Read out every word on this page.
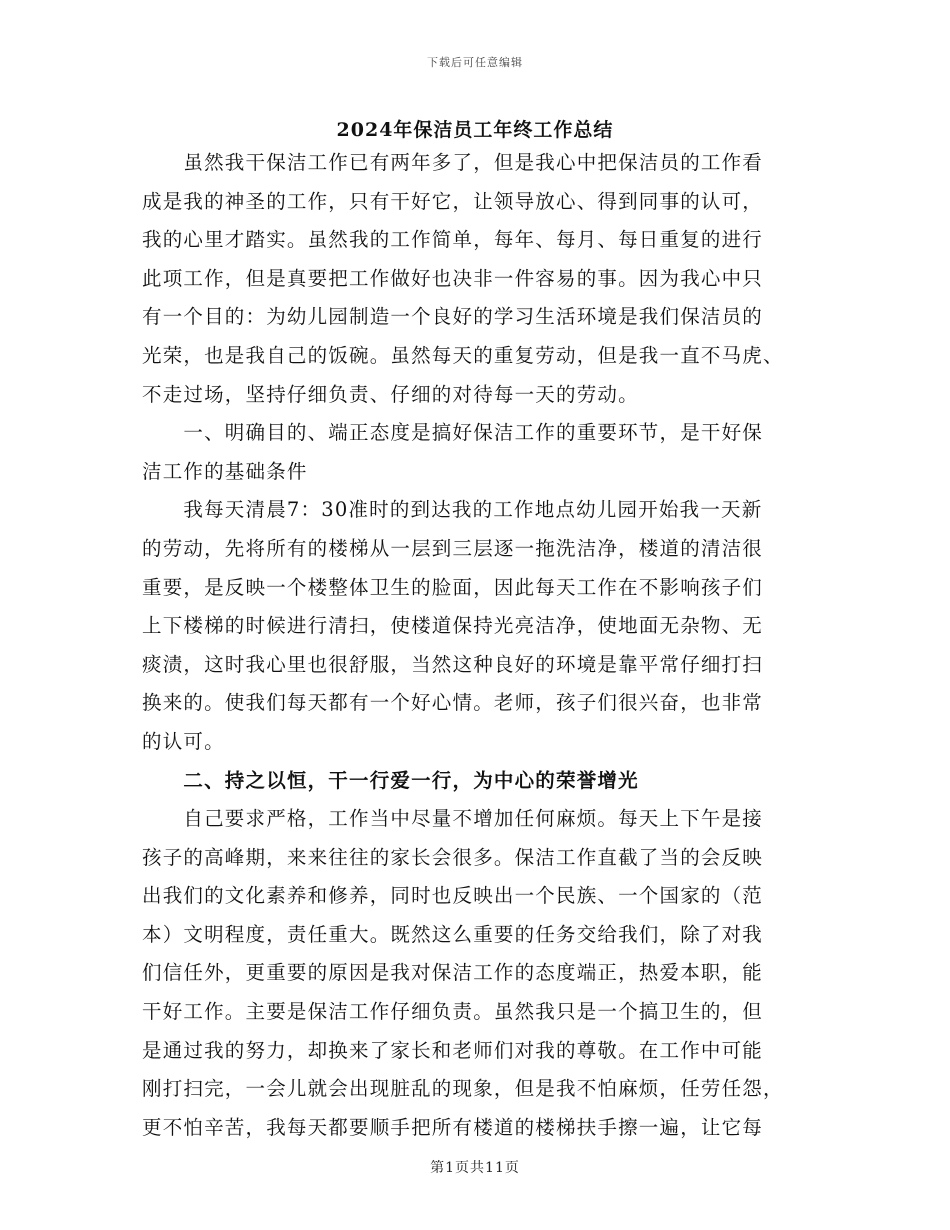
下载后可任意编辑
2024年保洁员工年终工作总结
　　虽然我干保洁工作已有两年多了，但是我心中把保洁员的工作看
成是我的神圣的工作，只有干好它，让领导放心、得到同事的认可，
我的心里才踏实。虽然我的工作简单，每年、每月、每日重复的进行
此项工作，但是真要把工作做好也决非一件容易的事。因为我心中只
有一个目的：为幼儿园制造一个良好的学习生活环境是我们保洁员的
光荣，也是我自己的饭碗。虽然每天的重复劳动，但是我一直不马虎、
不走过场，坚持仔细负责、仔细的对待每一天的劳动。
　　一、明确目的、端正态度是搞好保洁工作的重要环节，是干好保
洁工作的基础条件
　　我每天清晨7：30准时的到达我的工作地点幼儿园开始我一天新
的劳动，先将所有的楼梯从一层到三层逐一拖洗洁净，楼道的清洁很
重要，是反映一个楼整体卫生的脸面，因此每天工作在不影响孩子们
上下楼梯的时候进行清扫，使楼道保持光亮洁净，使地面无杂物、无
痰渍，这时我心里也很舒服，当然这种良好的环境是靠平常仔细打扫
换来的。使我们每天都有一个好心情。老师，孩子们很兴奋，也非常
的认可。
　　二、持之以恒，干一行爱一行，为中心的荣誉增光
　　自己要求严格，工作当中尽量不增加任何麻烦。每天上下午是接
孩子的高峰期，来来往往的家长会很多。保洁工作直截了当的会反映
出我们的文化素养和修养，同时也反映出一个民族、一个国家的（范
本）文明程度，责任重大。既然这么重要的任务交给我们，除了对我
们信任外，更重要的原因是我对保洁工作的态度端正，热爱本职，能
干好工作。主要是保洁工作仔细负责。虽然我只是一个搞卫生的，但
是通过我的努力，却换来了家长和老师们对我的尊敬。在工作中可能
刚打扫完，一会儿就会出现脏乱的现象，但是我不怕麻烦，任劳任怨，
更不怕辛苦，我每天都要顺手把所有楼道的楼梯扶手擦一遍，让它每
第1页共11页
